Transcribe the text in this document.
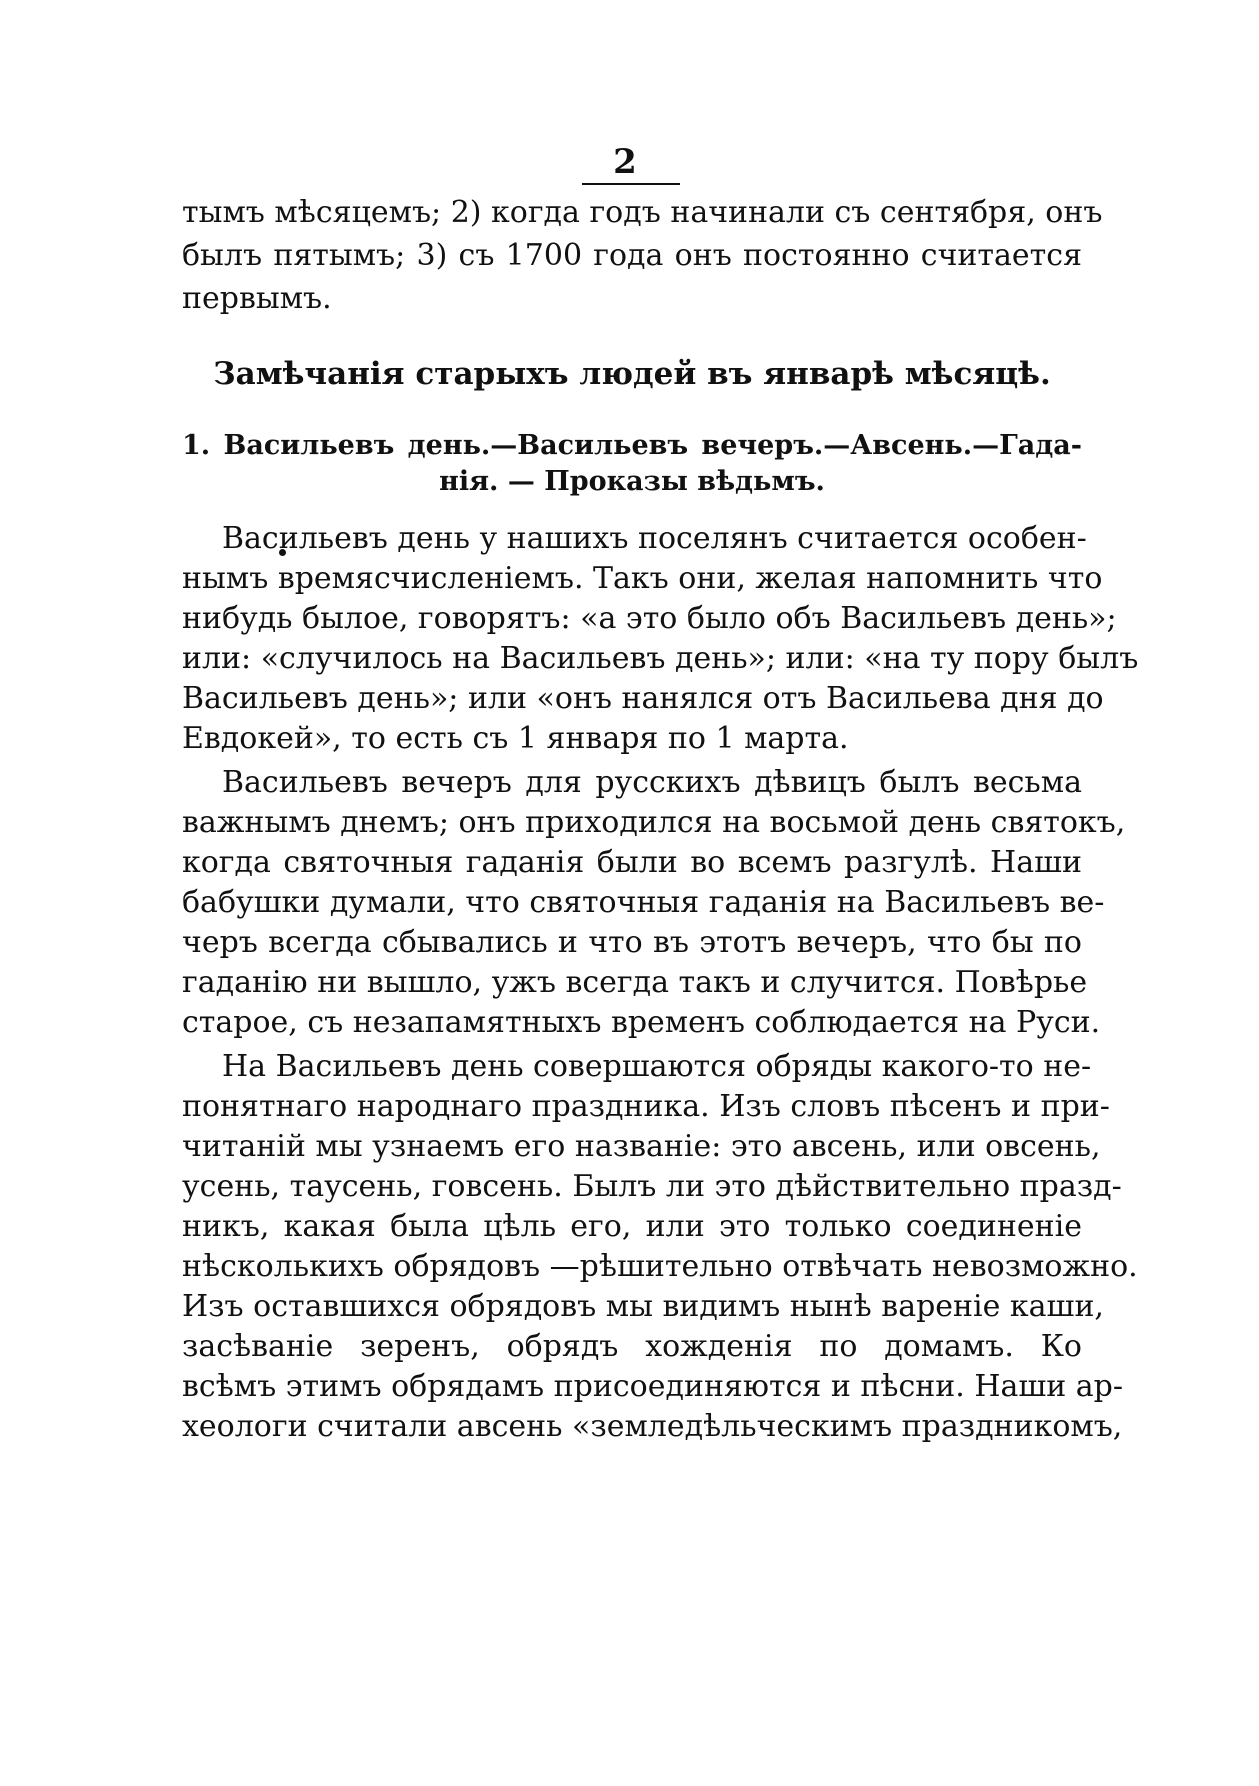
2
тымъ мѣсяцемъ; 2) когда годъ начинали съ сентября, онъ
былъ пятымъ; 3) съ 1700 года онъ постоянно считается
первымъ.
Замѣчанія старыхъ людей въ январѣ мѣсяцѣ.
1. Васильевъ день.—Васильевъ вечеръ.—Авсень.—Гада-
нія. — Проказы вѣдьмъ.
Васильевъ день у нашихъ поселянъ считается особен-
нымъ времясчисленіемъ. Такъ они, желая напомнить что
нибудь былое, говорятъ: «а это было объ Васильевъ день»;
или: «случилось на Васильевъ день»; или: «на ту пору былъ
Васильевъ день»; или «онъ нанялся отъ Васильева дня до
Евдокей», то есть съ 1 января по 1 марта.
Васильевъ вечеръ для русскихъ дѣвицъ былъ весьма
важнымъ днемъ; онъ приходился на восьмой день святокъ,
когда святочныя гаданія были во всемъ разгулѣ. Наши
бабушки думали, что святочныя гаданія на Васильевъ ве-
черъ всегда сбывались и что въ этотъ вечеръ, что бы по
гаданію ни вышло, ужъ всегда такъ и случится. Повѣрье
старое, съ незапамятныхъ временъ соблюдается на Руси.
На Васильевъ день совершаются обряды какого-то не-
понятнаго народнаго праздника. Изъ словъ пѣсенъ и при-
читаній мы узнаемъ его названіе: это авсень, или овсень,
усень, таусень, говсень. Былъ ли это дѣйствительно празд-
никъ, какая была цѣль его, или это только соединеніе
нѣсколькихъ обрядовъ —рѣшительно отвѣчать невозможно.
Изъ оставшихся обрядовъ мы видимъ нынѣ вареніе каши,
засѣваніе зеренъ, обрядъ хожденія по домамъ. Ко
всѣмъ этимъ обрядамъ присоединяются и пѣсни. Наши ар-
хеологи считали авсень «земледѣльческимъ праздникомъ,
